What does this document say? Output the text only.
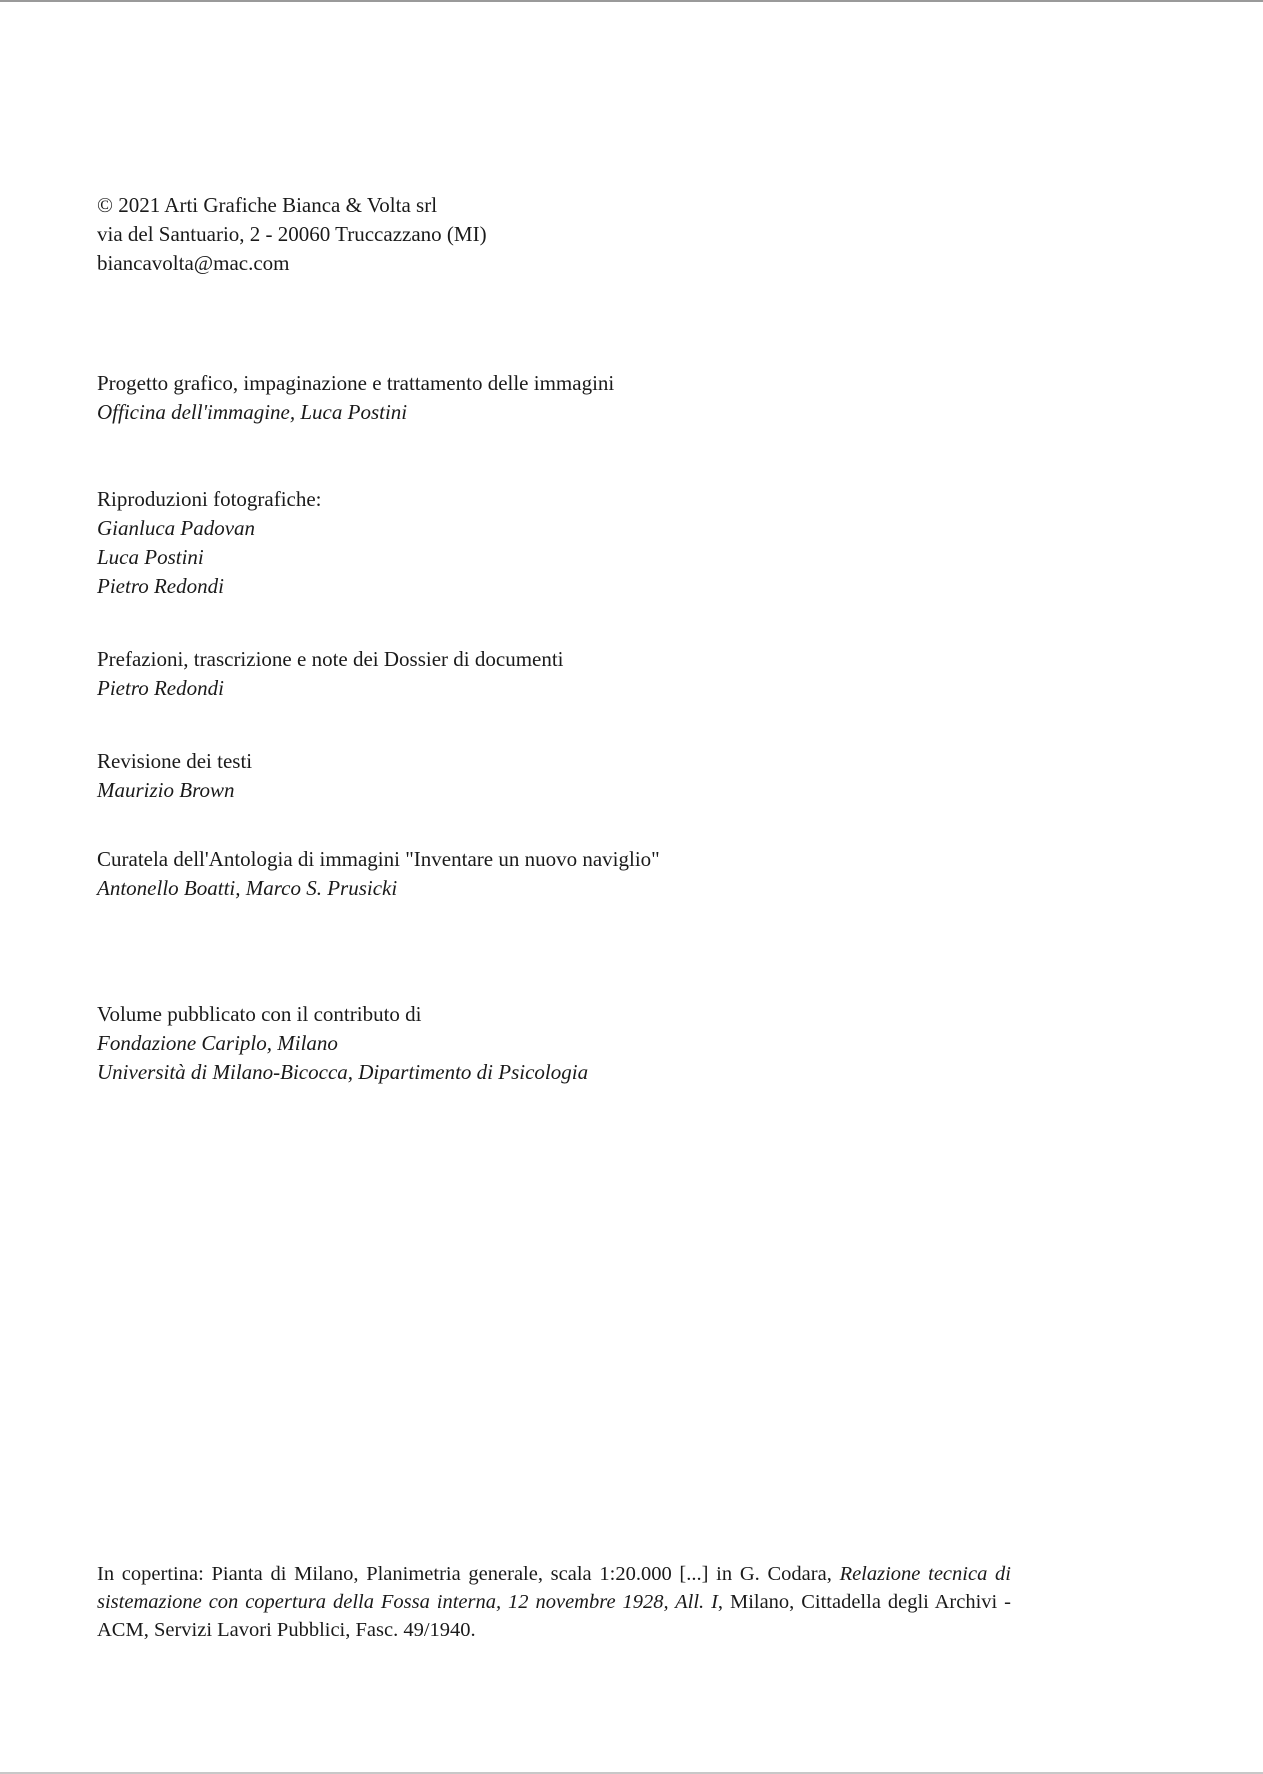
© 2021 Arti Grafiche Bianca & Volta srl
via del Santuario, 2 - 20060 Truccazzano (MI)
biancavolta@mac.com
Progetto grafico, impaginazione e trattamento delle immagini
Officina dell'immagine, Luca Postini
Riproduzioni fotografiche:
Gianluca Padovan
Luca Postini
Pietro Redondi
Prefazioni, trascrizione e note dei Dossier di documenti
Pietro Redondi
Revisione dei testi
Maurizio Brown
Curatela dell'Antologia di immagini "Inventare un nuovo naviglio"
Antonello Boatti, Marco S. Prusicki
Volume pubblicato con il contributo di
Fondazione Cariplo, Milano
Università di Milano-Bicocca, Dipartimento di Psicologia
In copertina: Pianta di Milano, Planimetria generale, scala 1:20.000 [...] in G. Codara, Relazione tecnica di sistemazione con copertura della Fossa interna, 12 novembre 1928, All. I, Milano, Cittadella degli Archivi - ACM, Servizi Lavori Pubblici, Fasc. 49/1940.
